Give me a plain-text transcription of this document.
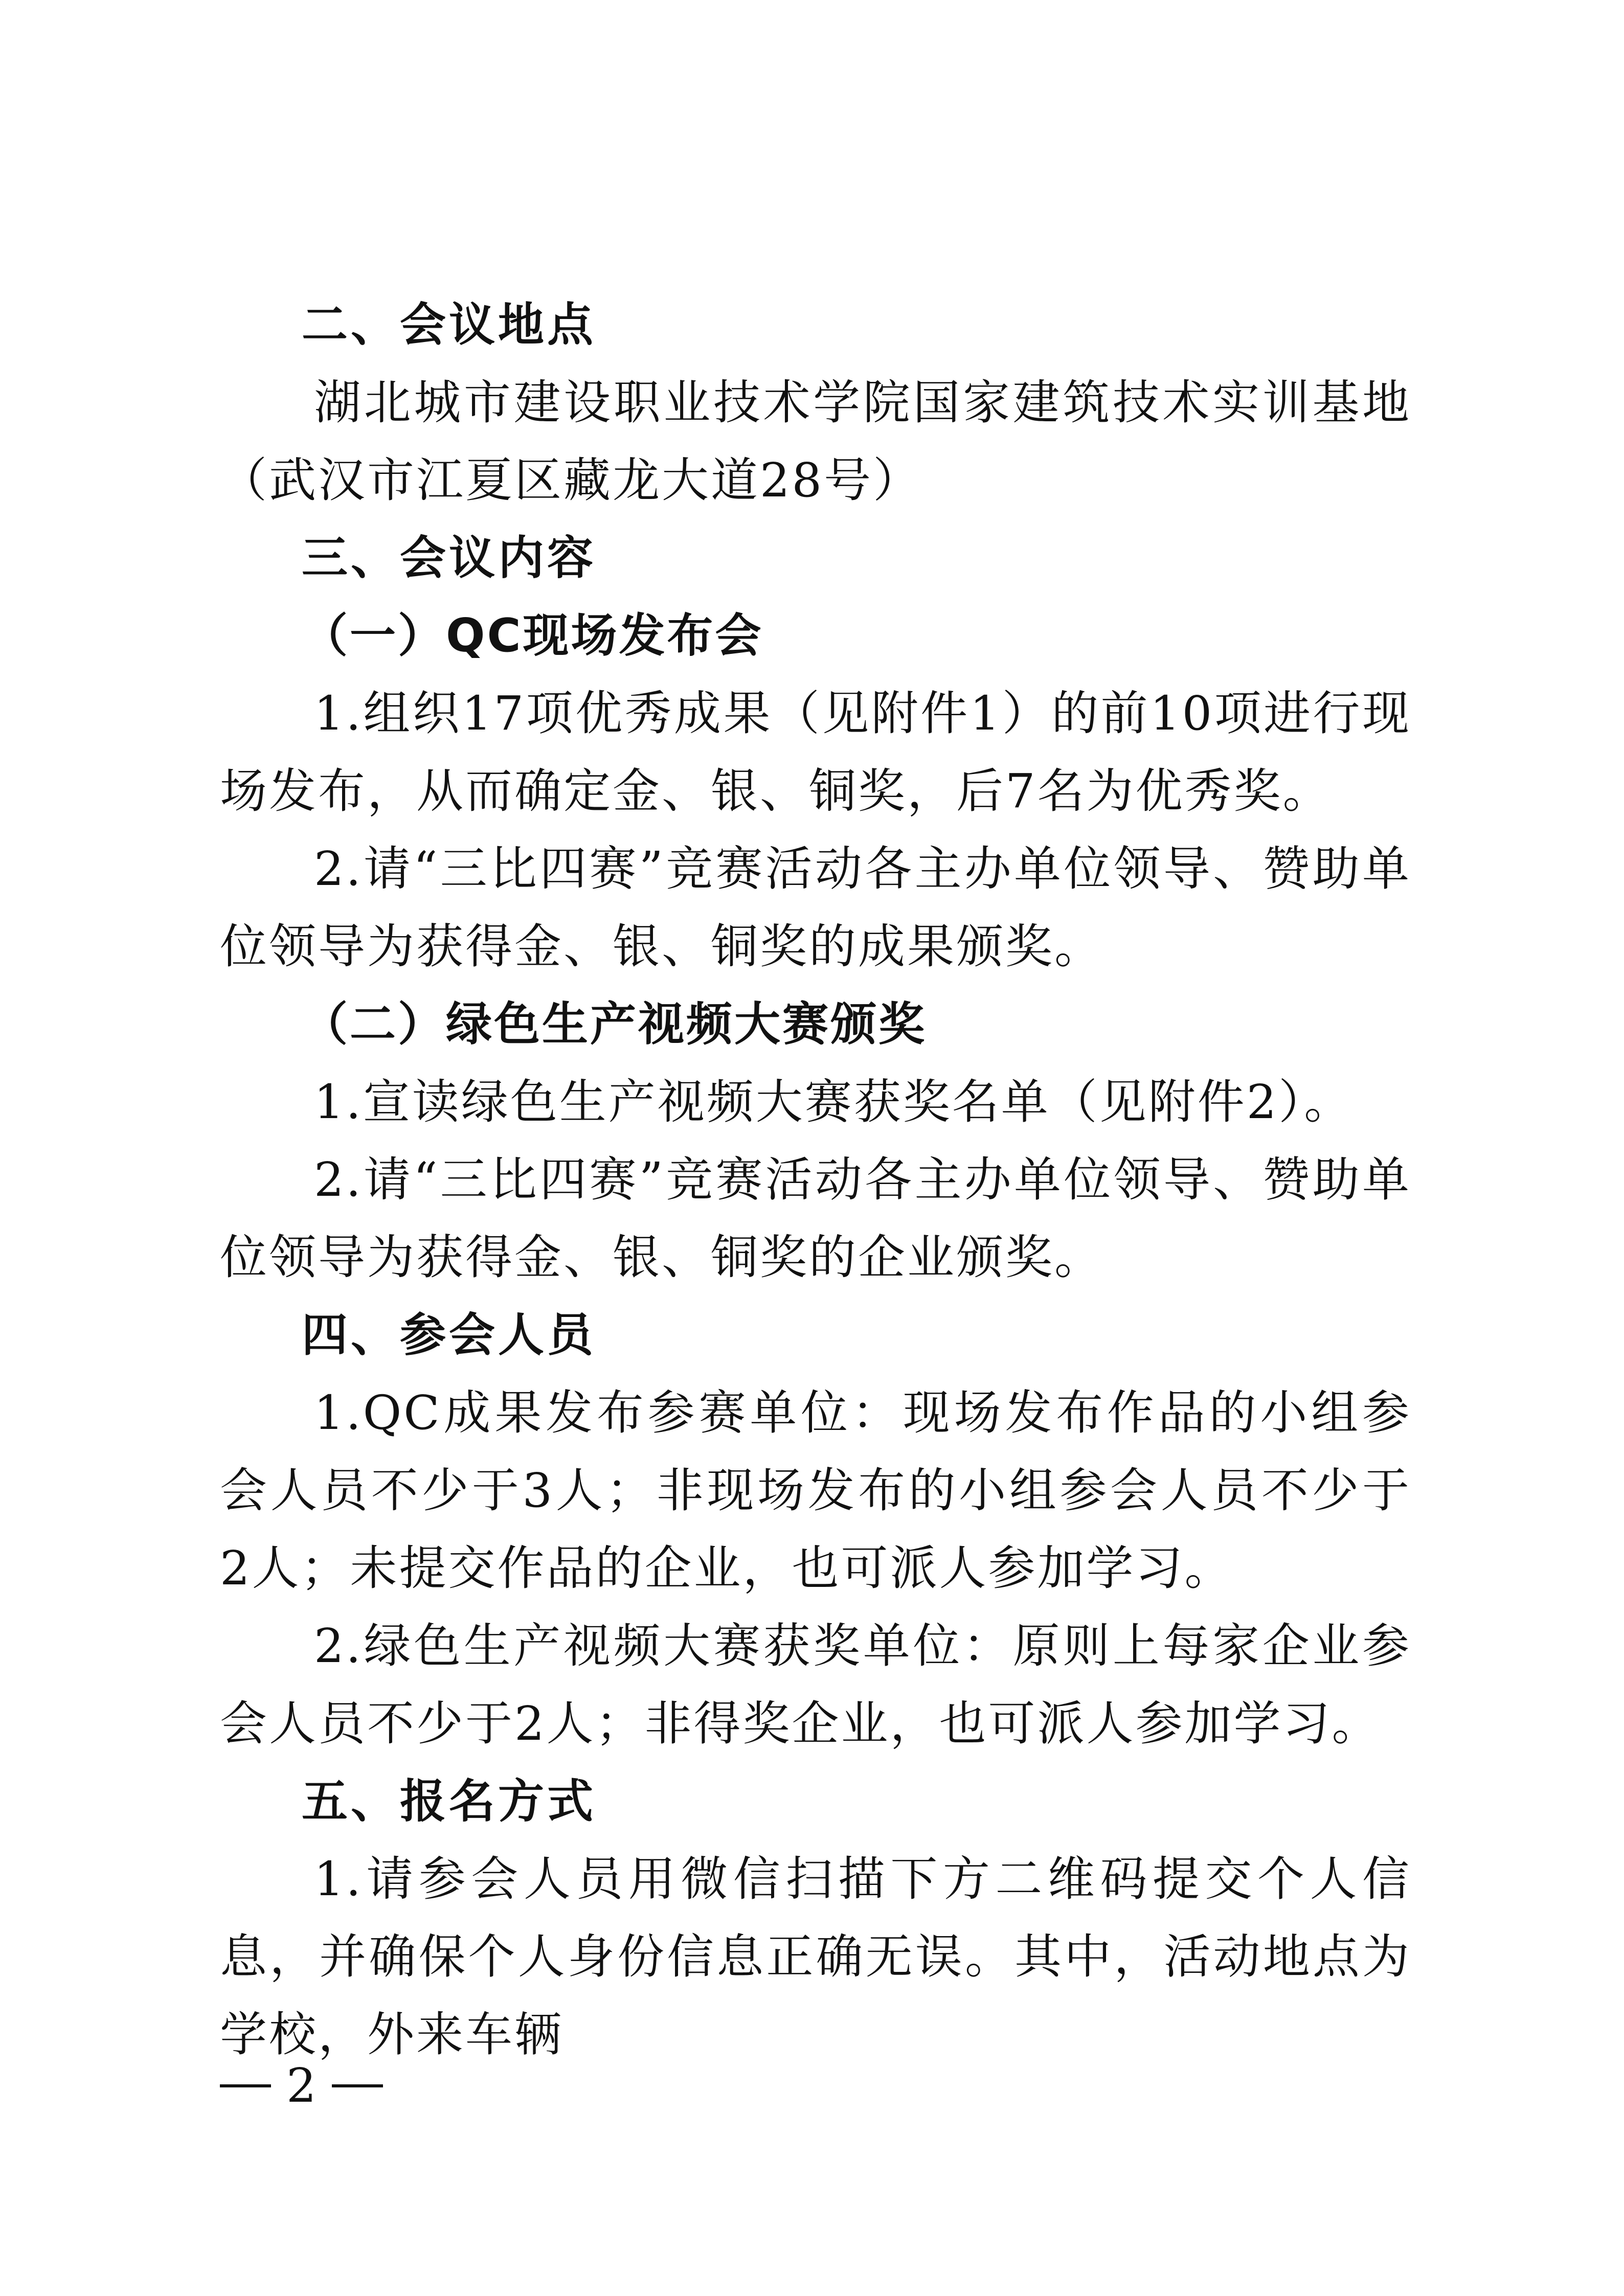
二、会议地点

湖北城市建设职业技术学院国家建筑技术实训基地（武汉市江夏区藏龙大道28号）

三、会议内容

（一）QC现场发布会

1.组织17项优秀成果（见附件1）的前10项进行现场发布，从而确定金、银、铜奖，后7名为优秀奖。

2.请“三比四赛”竞赛活动各主办单位领导、赞助单位领导为获得金、银、铜奖的成果颁奖。

（二）绿色生产视频大赛颁奖

1.宣读绿色生产视频大赛获奖名单（见附件2）。

2.请“三比四赛”竞赛活动各主办单位领导、赞助单位领导为获得金、银、铜奖的企业颁奖。

四、参会人员

1.QC成果发布参赛单位：现场发布作品的小组参会人员不少于3人；非现场发布的小组参会人员不少于2人；未提交作品的企业，也可派人参加学习。

2.绿色生产视频大赛获奖单位：原则上每家企业参会人员不少于2人；非得奖企业，也可派人参加学习。

五、报名方式

1.请参会人员用微信扫描下方二维码提交个人信息，并确保个人身份信息正确无误。其中，活动地点为学校，外来车辆

2
